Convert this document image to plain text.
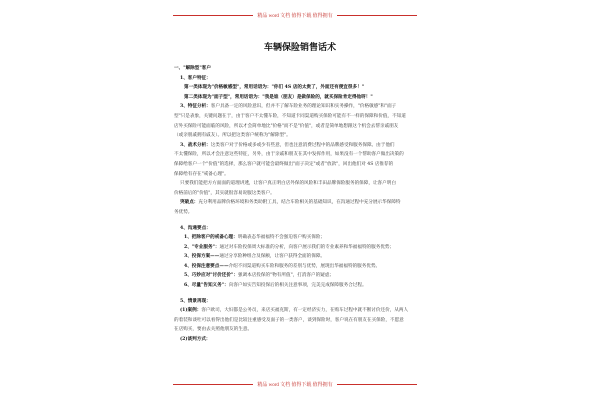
精品 word 文档 值得下载 值得拥有
车辆保险销售话术
一、"解除型"客户
1、客户特征：
第一类体现为"价格敏感型"，常用话语为："你们 4S 店的太贵了，外面还有便宜很多！"
第二类体现为"面子型"，常用话语为："我是谁（朋友）是做保险的，就买保险肯定得他呀！"
3、特征分析：客户具备一定的风险意识，但并不了解车险业务的理论知识和实务操作，"价格敏感"和"面子
型"只是表象，关键问题在于，由于客户不太懂车险，不知道卡同渠道购买保险可能有不一样的保障和价值，不知道
店外买保险可能面临的风险，所以才会简单地比"价格"而不是"价值"，或者是简单地想跟这个机会去帮亲戚朋友
（或亲朋戚拥有戚友）。所以把这类客户统称为"解除型"。
3、战术分析：这类客户对于价格或多或少有些意，但也注意消费过程中的品牌感受和服务保障。由于他们
不太懂保险，所以才会注意这些特征，另外，由于亲戚和朋友在其中发挥作用，如果没有一个帮助客户做出决策的
保障给客户一个"价值"的选择，那么客户就可能会最终做出"面子决定"或者"放款"，回出他们对 4S 店推荐的
保障给有存在"戒备心理"。
只要我们能把方方面面的道理讲透，让客户真正明白店外保的风险和丰田品牌保险服务的保障，让客户明白
价格前后的"价值"，其实就很容易说服这类客户。
突破点：充分利用品牌价格环境和务类助附工具，结合车险相关的基础知识，在沟通过程中充分展示华保障特
务优势。
4、沟通要点：
1、把除客户的戒备心理：明确表态华福福特不会强迫客户购买保险；
2、"专业服务"：通过对车险投保周大标准的分析，向客户展示我们的专业素养和华福福特的服务优势；
3、投保方案——通过分享险种组合及保额，让客户获得全面的保障。
4、投保注意要点——介绍不同渠道购买车险和服务的差别与优势，展现出华福福特的服务优势。
5、巧妙应对"讨价还价"：强调本店投保的"物有所值"，打消客户的疑虑；
6、尽量"告知义务"：向客户如实告知投保后的相关注意事项，完美完成保障服务合过程。
5、情景再现：
(1)案例：客户欧司，大妇都是公务员，来店买福克斯，有一定经济实力，在购车过程中就不断讨价还价，从两人
的着装和谈吐可以看得出他们是比较注重感受及面子的一类客户，谈到保险时，客户说在有朋友在买保险，不愿意
在店购买，要由去关照他朋友的生意。
(2)谈判方式：
精品 word 文档 值得下载 值得拥有
